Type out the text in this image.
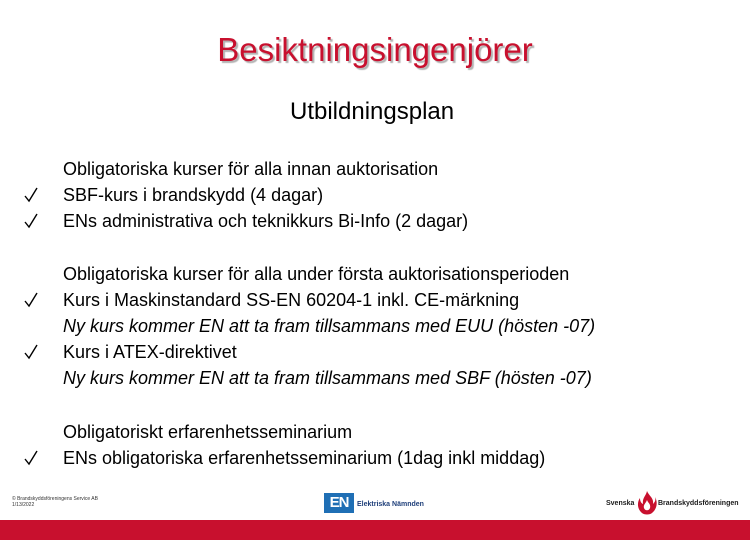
Besiktningsingenjörer
Utbildningsplan
Obligatoriska kurser för alla innan auktorisation
SBF-kurs i brandskydd (4 dagar)
ENs administrativa och teknikkurs Bi-Info (2 dagar)
Obligatoriska kurser för alla under första auktorisationsperioden
Kurs i Maskinstandard SS-EN 60204-1 inkl. CE-märkning
Ny kurs kommer EN att ta fram tillsammans med EUU (hösten -07)
Kurs i ATEX-direktivet
Ny kurs kommer EN att ta fram tillsammans med SBF (hösten -07)
Obligatoriskt erfarenhetsseminarium
ENs obligatoriska erfarenhetsseminarium (1dag inkl middag)
© Brandskyddsföreningens Service AB
1/13/2022	EN	Elektriska Nämnden	Svenska	Brandskyddsföreningen
